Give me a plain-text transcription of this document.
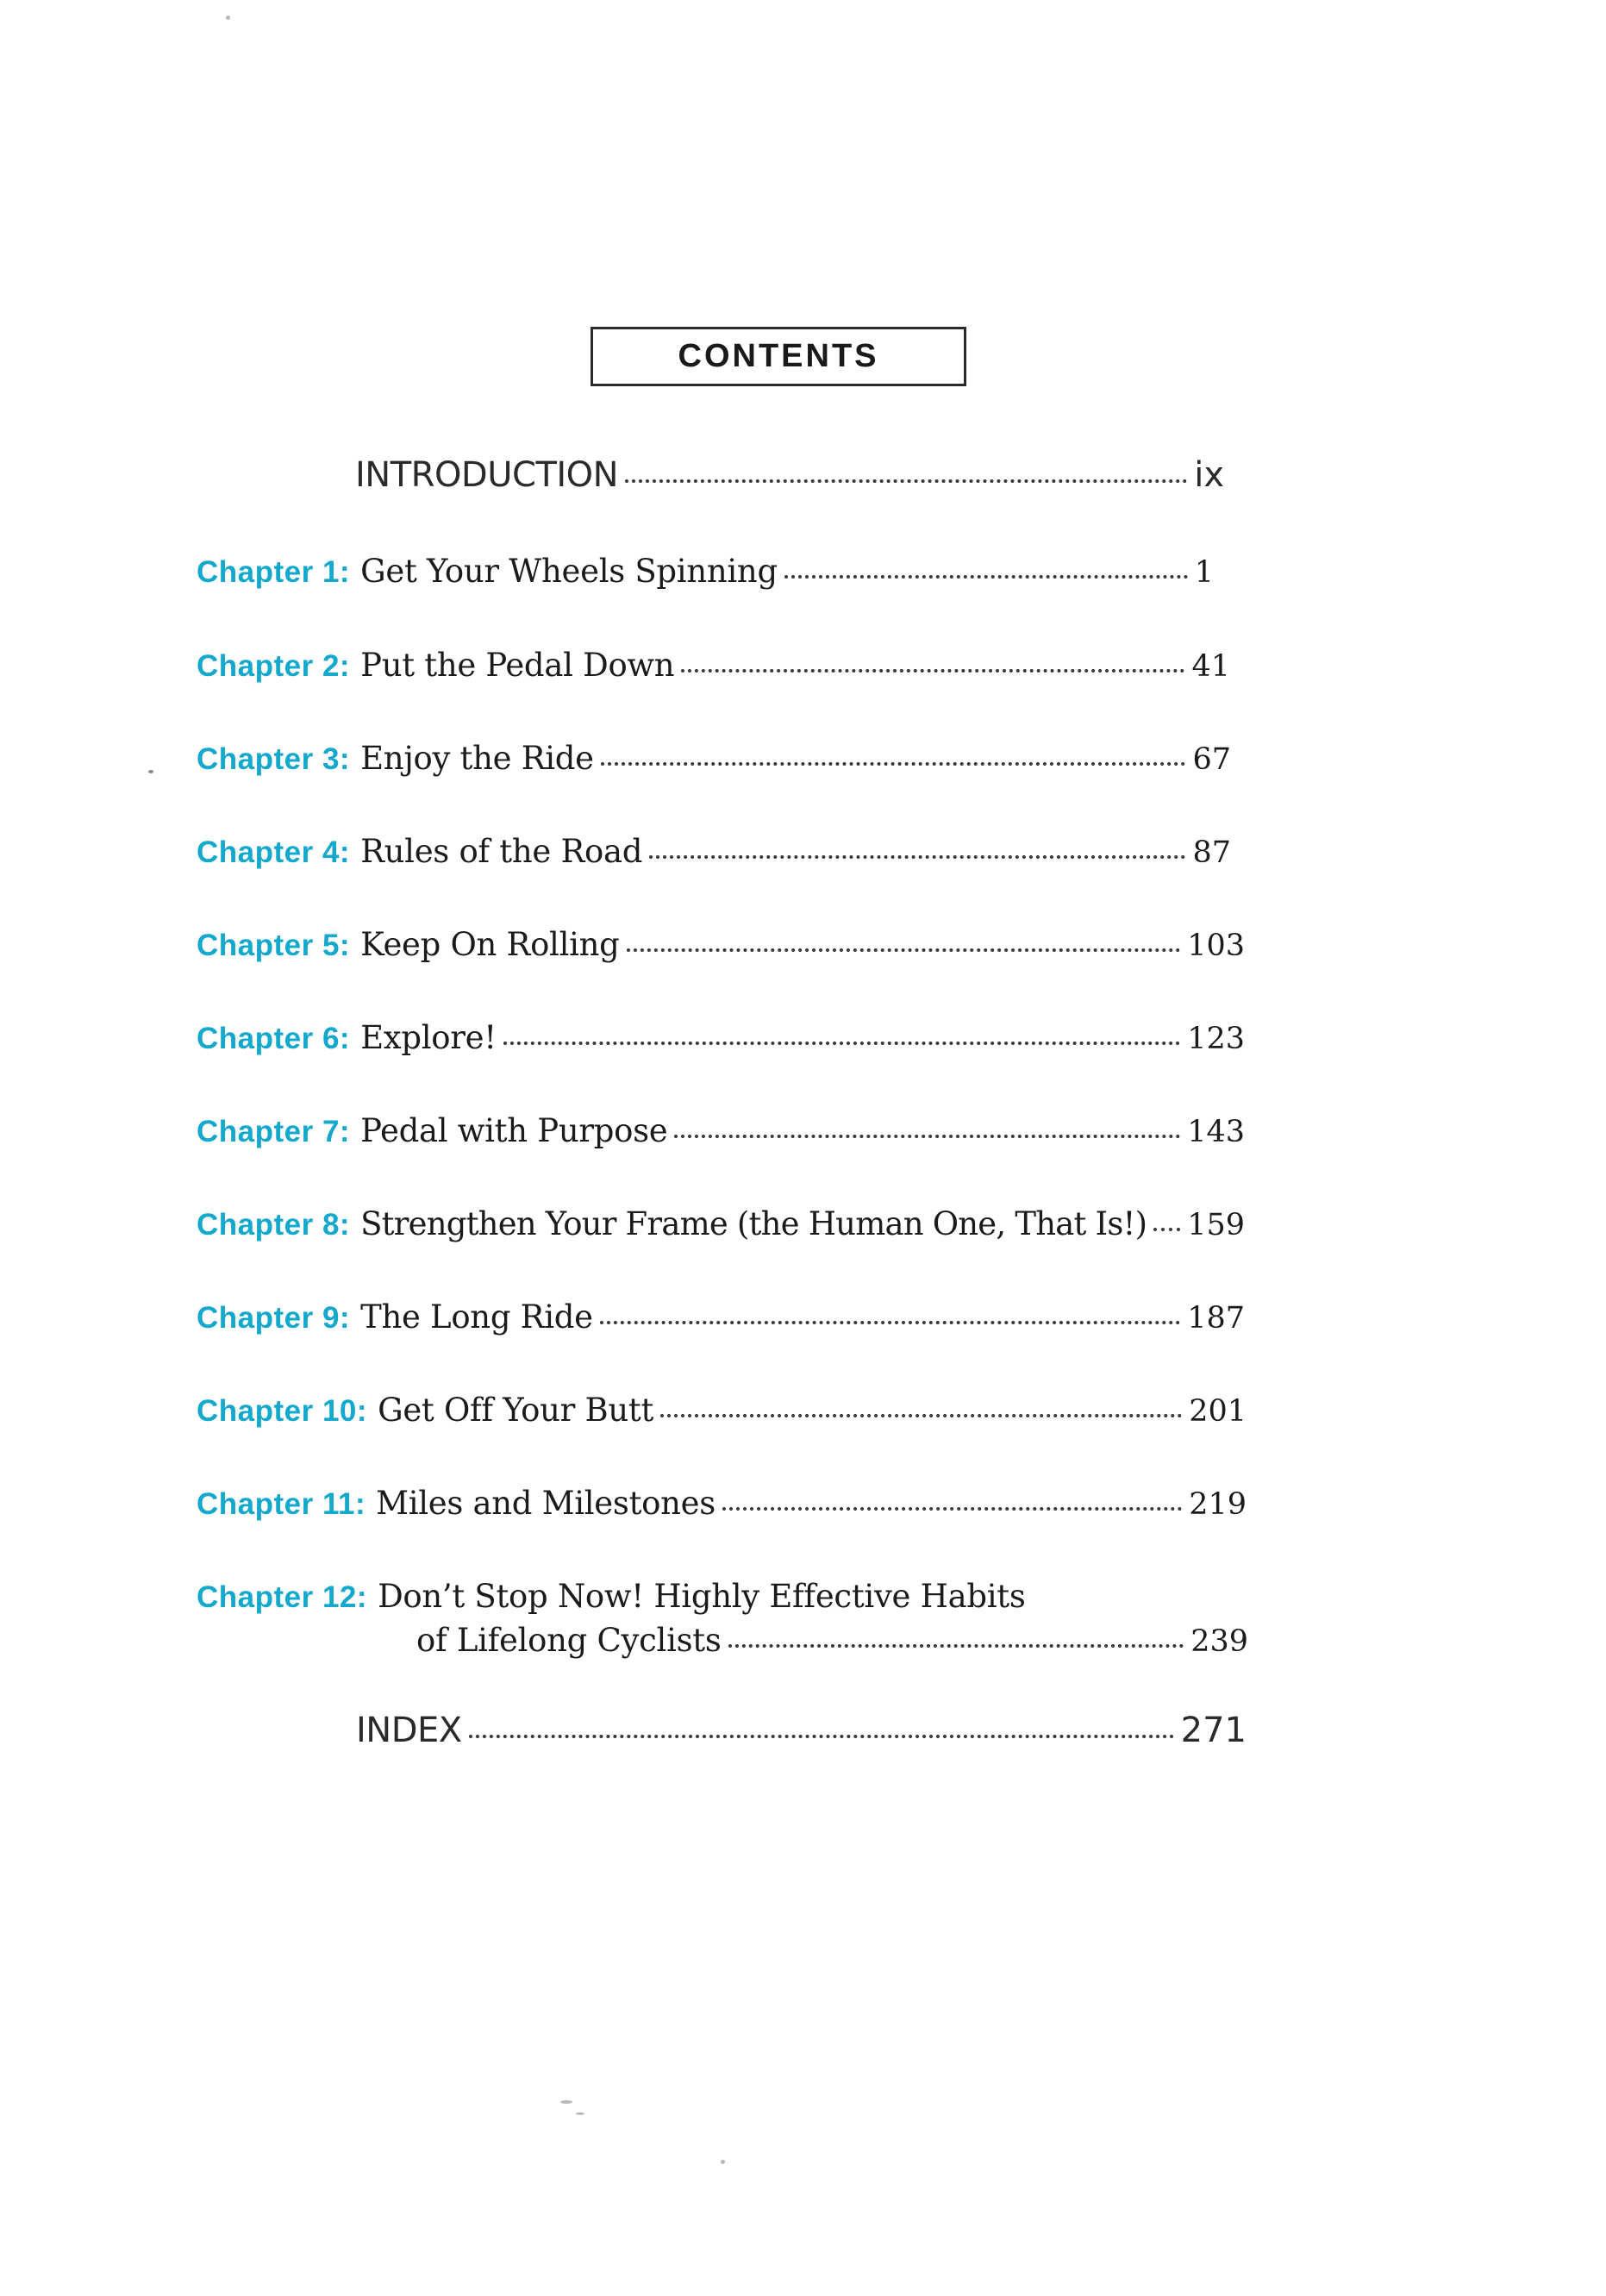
CONTENTS
INTRODUCTION	ix
Chapter 1: Get Your Wheels Spinning	1
Chapter 2: Put the Pedal Down	41
Chapter 3: Enjoy the Ride	67
Chapter 4: Rules of the Road	87
Chapter 5: Keep On Rolling	103
Chapter 6: Explore!	123
Chapter 7: Pedal with Purpose	143
Chapter 8: Strengthen Your Frame (the Human One, That Is!) 159
Chapter 9: The Long Ride	187
Chapter 10: Get Off Your Butt	201
Chapter 11: Miles and Milestones	219
Chapter 12: Don’t Stop Now! Highly Effective Habits
of Lifelong Cyclists	239
INDEX	271
